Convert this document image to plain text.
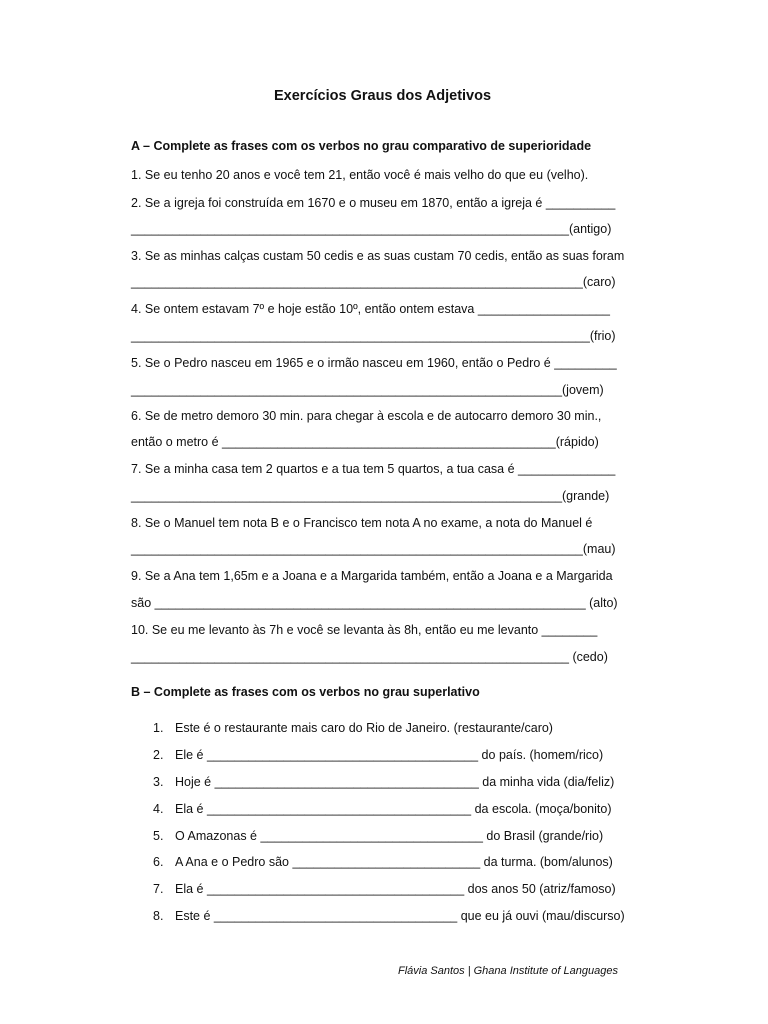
Exercícios Graus dos Adjetivos
A – Complete as frases com os verbos no grau comparativo de superioridade
1. Se eu tenho 20 anos e você tem 21, então você é mais velho do que eu (velho).
2. Se a igreja foi construída em 1670 e o museu em 1870, então a igreja é __________
_______________________________________________________________(antigo)
3. Se as minhas calças custam 50 cedis e as suas custam 70 cedis, então as suas foram
_________________________________________________________________(caro)
4. Se ontem estavam 7º e hoje estão 10º, então ontem estava ___________________
__________________________________________________________________(frio)
5. Se o Pedro nasceu em 1965 e o irmão nasceu em 1960, então o Pedro é _________
______________________________________________________________(jovem)
6. Se de metro demoro 30 min. para chegar à escola e de autocarro demoro 30 min.,
então o metro é ________________________________________________(rápido)
7. Se a minha casa tem 2 quartos e a tua tem 5 quartos, a tua casa é ______________
______________________________________________________________(grande)
8. Se o Manuel tem nota B e o Francisco tem nota A no exame, a nota do Manuel é
_________________________________________________________________(mau)
9. Se a Ana tem 1,65m e a Joana e a Margarida também, então a Joana e a Margarida
são ______________________________________________________________ (alto)
10. Se eu me levanto às 7h e você se levanta às 8h, então eu me levanto ________
_______________________________________________________________ (cedo)
B – Complete as frases com os verbos no grau superlativo
1. Este é o restaurante mais caro do Rio de Janeiro. (restaurante/caro)
2. Ele é _______________________________________ do país. (homem/rico)
3. Hoje é ______________________________________ da minha vida (dia/feliz)
4. Ela é ______________________________________ da escola. (moça/bonito)
5. O Amazonas é ________________________________ do Brasil (grande/rio)
6. A Ana e o Pedro são ___________________________ da turma. (bom/alunos)
7. Ela é _____________________________________ dos anos 50 (atriz/famoso)
8. Este é ___________________________________ que eu já ouvi (mau/discurso)
Flávia Santos | Ghana Institute of Languages
